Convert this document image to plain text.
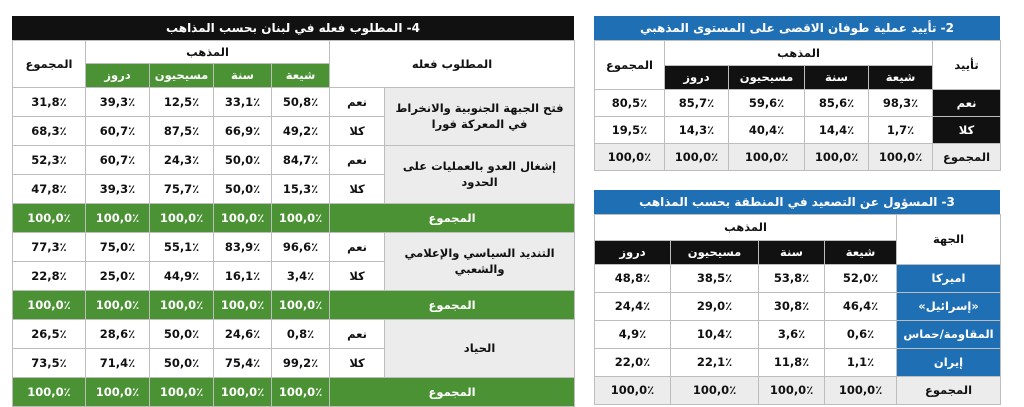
4- المطلوب فعله في لبنان بحسب المذاهب
المطلوب فعله		المذهب				المجموع
		شيعة	سنة	مسيحيون	دروز	
فتح الجبهة الجنوبية والانخراط في المعركة فورا	نعم	50,8٪	33,1٪	12,5٪	39,3٪	31,8٪
	كلا	49,2٪	66,9٪	87,5٪	60,7٪	68,3٪
إشغال العدو بالعمليات على الحدود	نعم	84,7٪	50,0٪	24,3٪	60,7٪	52,3٪
	كلا	15,3٪	50,0٪	75,7٪	39,3٪	47,8٪
المجموع		100,0٪	100,0٪	100,0٪	100,0٪	100,0٪
التنديد السياسي والإعلامي والشعبي	نعم	96,6٪	83,9٪	55,1٪	75,0٪	77,3٪
	كلا	3,4٪	16,1٪	44,9٪	25,0٪	22,8٪
المجموع		100,0٪	100,0٪	100,0٪	100,0٪	100,0٪
الحياد	نعم	0,8٪	24,6٪	50,0٪	28,6٪	26,5٪
	كلا	99,2٪	75,4٪	50,0٪	71,4٪	73,5٪
المجموع		100,0٪	100,0٪	100,0٪	100,0٪	100,0٪
2- تأييد عملية طوفان الاقصى على المستوى المذهبي
تأييد	المذهب				المجموع
	شيعة	سنة	مسيحيون	دروز	
نعم	98,3٪	85,6٪	59,6٪	85,7٪	80,5٪
كلا	1,7٪	14,4٪	40,4٪	14,3٪	19,5٪
المجموع	100,0٪	100,0٪	100,0٪	100,0٪	100,0٪
3- المسؤول عن التصعيد في المنطقة بحسب المذاهب
الجهة	المذهب			
	شيعة	سنة	مسيحيون	دروز
اميركا	52,0٪	53,8٪	38,5٪	48,8٪
«إسرائيل»	46,4٪	30,8٪	29,0٪	24,4٪
المقاومة/حماس	0,6٪	3,6٪	10,4٪	4,9٪
إيران	1,1٪	11,8٪	22,1٪	22,0٪
المجموع	100,0٪	100,0٪	100,0٪	100,0٪
